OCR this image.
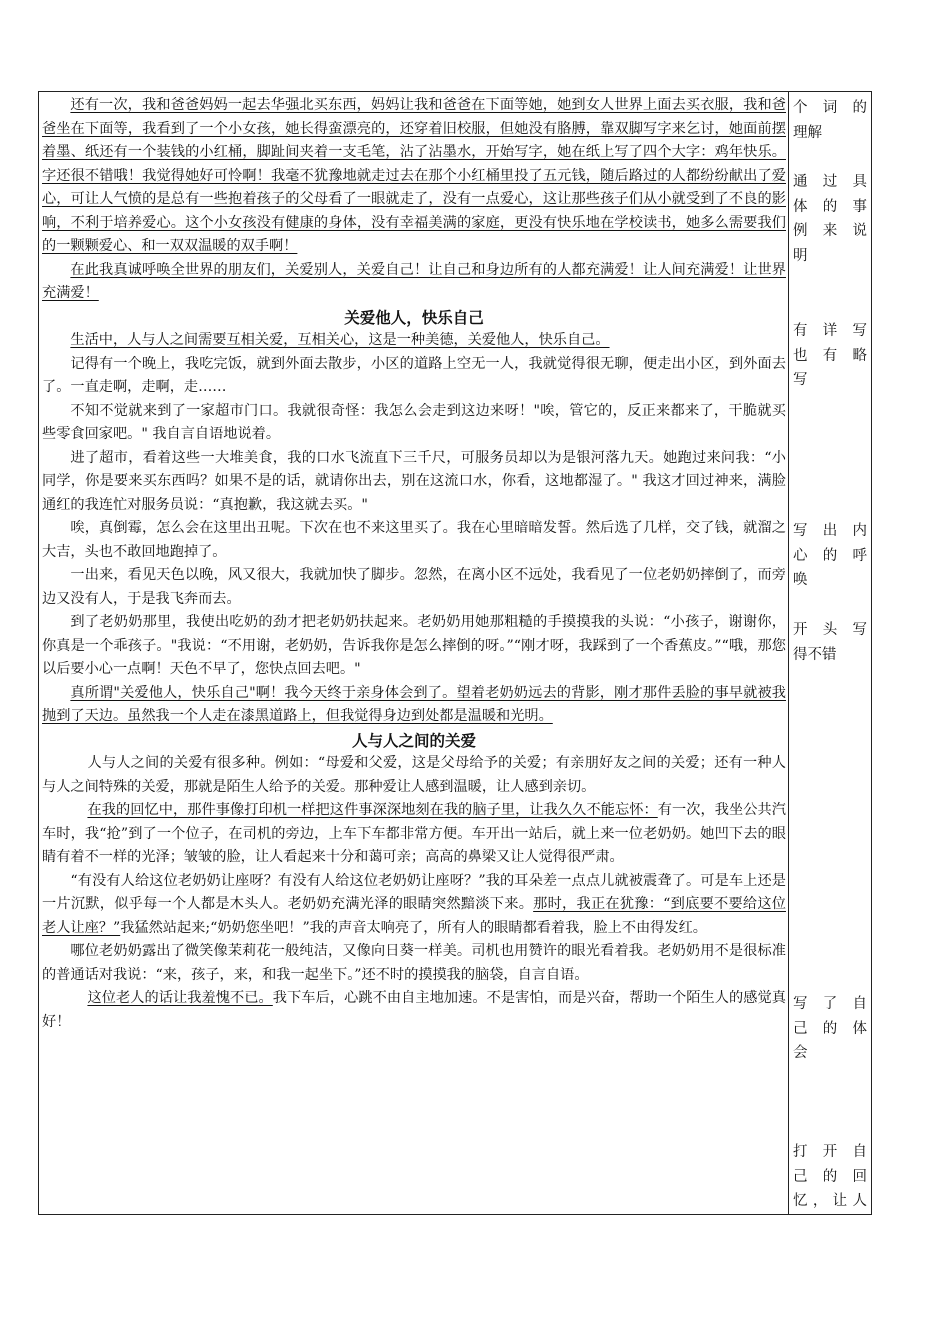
还有一次，我和爸爸妈妈一起去华强北买东西，妈妈让我和爸爸在下面等她，她到女人世界上面去买衣服，我和爸爸坐在下面等，我看到了一个小女孩，她长得蛮漂亮的，还穿着旧校服，但她没有胳膊，靠双脚写字来乞讨，她面前摆着墨、纸还有一个装钱的小红桶，脚趾间夹着一支毛笔，沾了沾墨水，开始写字，她在纸上写了四个大字：鸡年快乐。字还很不错哦！我觉得她好可怜啊！我毫不犹豫地就走过去在那个小红桶里投了五元钱，随后路过的人都纷纷献出了爱心，可让人气愤的是总有一些抱着孩子的父母看了一眼就走了，没有一点爱心，这让那些孩子们从小就受到了不良的影响，不利于培养爱心。这个小女孩没有健康的身体，没有幸福美满的家庭，更没有快乐地在学校读书，她多么需要我们的一颗颗爱心、和一双双温暖的双手啊！

在此我真诚呼唤全世界的朋友们，关爱别人，关爱自己！让自己和身边所有的人都充满爱！让人间充满爱！让世界充满爱！

关爱他人，快乐自己

生活中，人与人之间需要互相关爱，互相关心，这是一种美德，关爱他人，快乐自己。

记得有一个晚上，我吃完饭，就到外面去散步，小区的道路上空无一人，我就觉得很无聊，便走出小区，到外面去了。一直走啊，走啊，走……

不知不觉就来到了一家超市门口。我就很奇怪：我怎么会走到这边来呀！"唉，管它的，反正来都来了，干脆就买些零食回家吧。" 我自言自语地说着。

进了超市，看着这些一大堆美食，我的口水飞流直下三千尺，可服务员却以为是银河落九天。她跑过来问我：“小同学，你是要来买东西吗？如果不是的话，就请你出去，别在这流口水，你看，这地都湿了。" 我这才回过神来，满脸通红的我连忙对服务员说：“真抱歉，我这就去买。"

唉，真倒霉，怎么会在这里出丑呢。下次在也不来这里买了。我在心里暗暗发誓。然后选了几样，交了钱，就溜之大吉，头也不敢回地跑掉了。

一出来，看见天色以晚，风又很大，我就加快了脚步。忽然，在离小区不远处，我看见了一位老奶奶摔倒了，而旁边又没有人，于是我飞奔而去。

到了老奶奶那里，我使出吃奶的劲才把老奶奶扶起来。老奶奶用她那粗糙的手摸摸我的头说：“小孩子，谢谢你，你真是一个乖孩子。"我说：“不用谢，老奶奶，告诉我你是怎么摔倒的呀。”“刚才呀，我踩到了一个香蕉皮。”“哦，那您以后要小心一点啊！天色不早了，您快点回去吧。"

真所谓"关爱他人，快乐自己"啊！我今天终于亲身体会到了。望着老奶奶远去的背影，刚才那件丢脸的事早就被我抛到了天边。虽然我一个人走在漆黑道路上，但我觉得身边到处都是温暖和光明。

人与人之间的关爱

人与人之间的关爱有很多种。例如：“母爱和父爱，这是父母给予的关爱；有亲朋好友之间的关爱；还有一种人与人之间特殊的关爱，那就是陌生人给予的关爱。那种爱让人感到温暖，让人感到亲切。

在我的回忆中，那件事像打印机一样把这件事深深地刻在我的脑子里，让我久久不能忘怀：有一次，我坐公共汽车时，我“抢”到了一个位子，在司机的旁边，上车下车都非常方便。车开出一站后，就上来一位老奶奶。她凹下去的眼睛有着不一样的光泽；皱皱的脸，让人看起来十分和蔼可亲；高高的鼻梁又让人觉得很严肃。

“有没有人给这位老奶奶让座呀？有没有人给这位老奶奶让座呀？”我的耳朵差一点点儿就被震聋了。可是车上还是一片沉默，似乎每一个人都是木头人。老奶奶充满光泽的眼睛突然黯淡下来。那时，我正在犹豫：“到底要不要给这位老人让座？”我猛然站起来;“奶奶您坐吧！”我的声音太响亮了，所有人的眼睛都看着我，脸上不由得发红。

哪位老奶奶露出了微笑像茉莉花一般纯洁，又像向日葵一样美。司机也用赞许的眼光看着我。老奶奶用不是很标准的普通话对我说：“来，孩子，来，和我一起坐下。”还不时的摸摸我的脑袋，自言自语。

这位老人的话让我羞愧不已。我下车后，心跳不由自主地加速。不是害怕，而是兴奋，帮助一个陌生人的感觉真好！

个 词 的
理解
通 过 具
体 的 事
例 来 说
明
有 详 写
也 有 略
写
写 出 内
心 的 呼
唤
开 头 写
得不错
写 了 自
己 的 体
会
打 开 自
己 的 回
忆，让人
